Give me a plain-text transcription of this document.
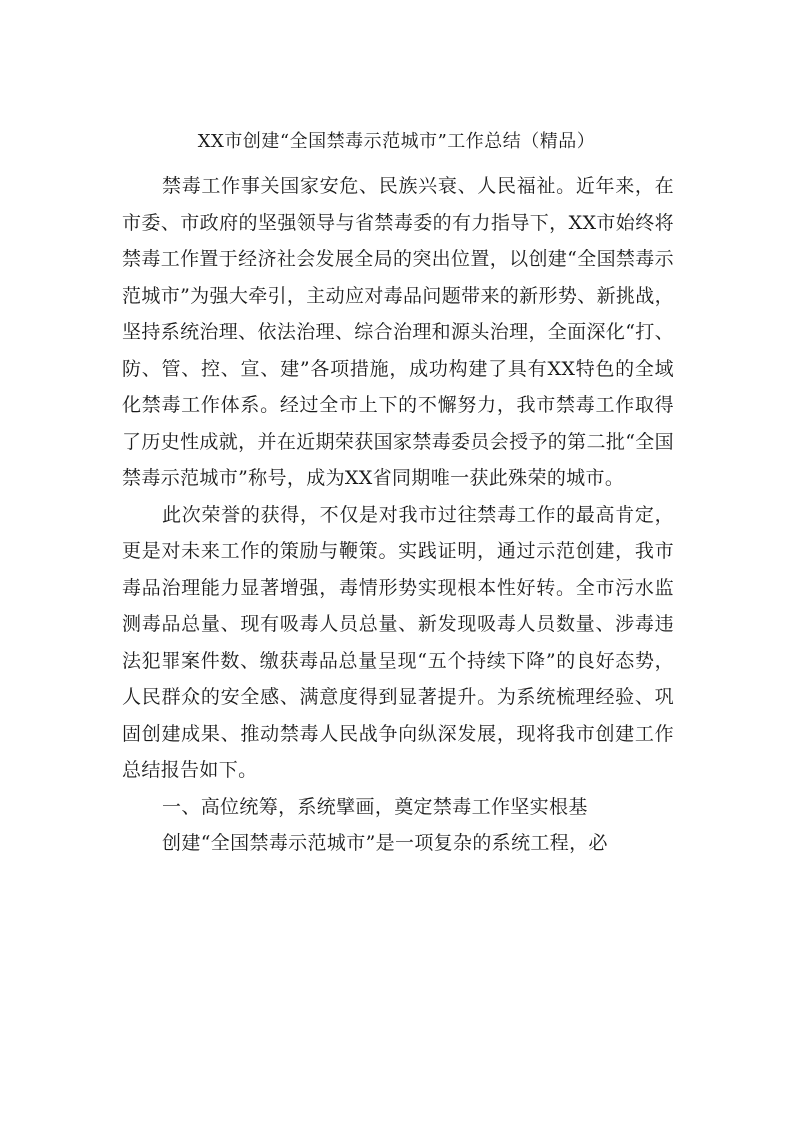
XX市创建“全国禁毒示范城市”工作总结（精品）

禁毒工作事关国家安危、民族兴衰、人民福祉。近年来，在市委、市政府的坚强领导与省禁毒委的有力指导下，XX市始终将禁毒工作置于经济社会发展全局的突出位置，以创建“全国禁毒示范城市”为强大牵引，主动应对毒品问题带来的新形势、新挑战，坚持系统治理、依法治理、综合治理和源头治理，全面深化“打、防、管、控、宣、建”各项措施，成功构建了具有XX特色的全域化禁毒工作体系。经过全市上下的不懈努力，我市禁毒工作取得了历史性成就，并在近期荣获国家禁毒委员会授予的第二批“全国禁毒示范城市”称号，成为XX省同期唯一获此殊荣的城市。

此次荣誉的获得，不仅是对我市过往禁毒工作的最高肯定，更是对未来工作的策励与鞭策。实践证明，通过示范创建，我市毒品治理能力显著增强，毒情形势实现根本性好转。全市污水监测毒品总量、现有吸毒人员总量、新发现吸毒人员数量、涉毒违法犯罪案件数、缴获毒品总量呈现“五个持续下降”的良好态势，人民群众的安全感、满意度得到显著提升。为系统梳理经验、巩固创建成果、推动禁毒人民战争向纵深发展，现将我市创建工作总结报告如下。

一、高位统筹，系统擘画，奠定禁毒工作坚实根基

创建“全国禁毒示范城市”是一项复杂的系统工程，必
